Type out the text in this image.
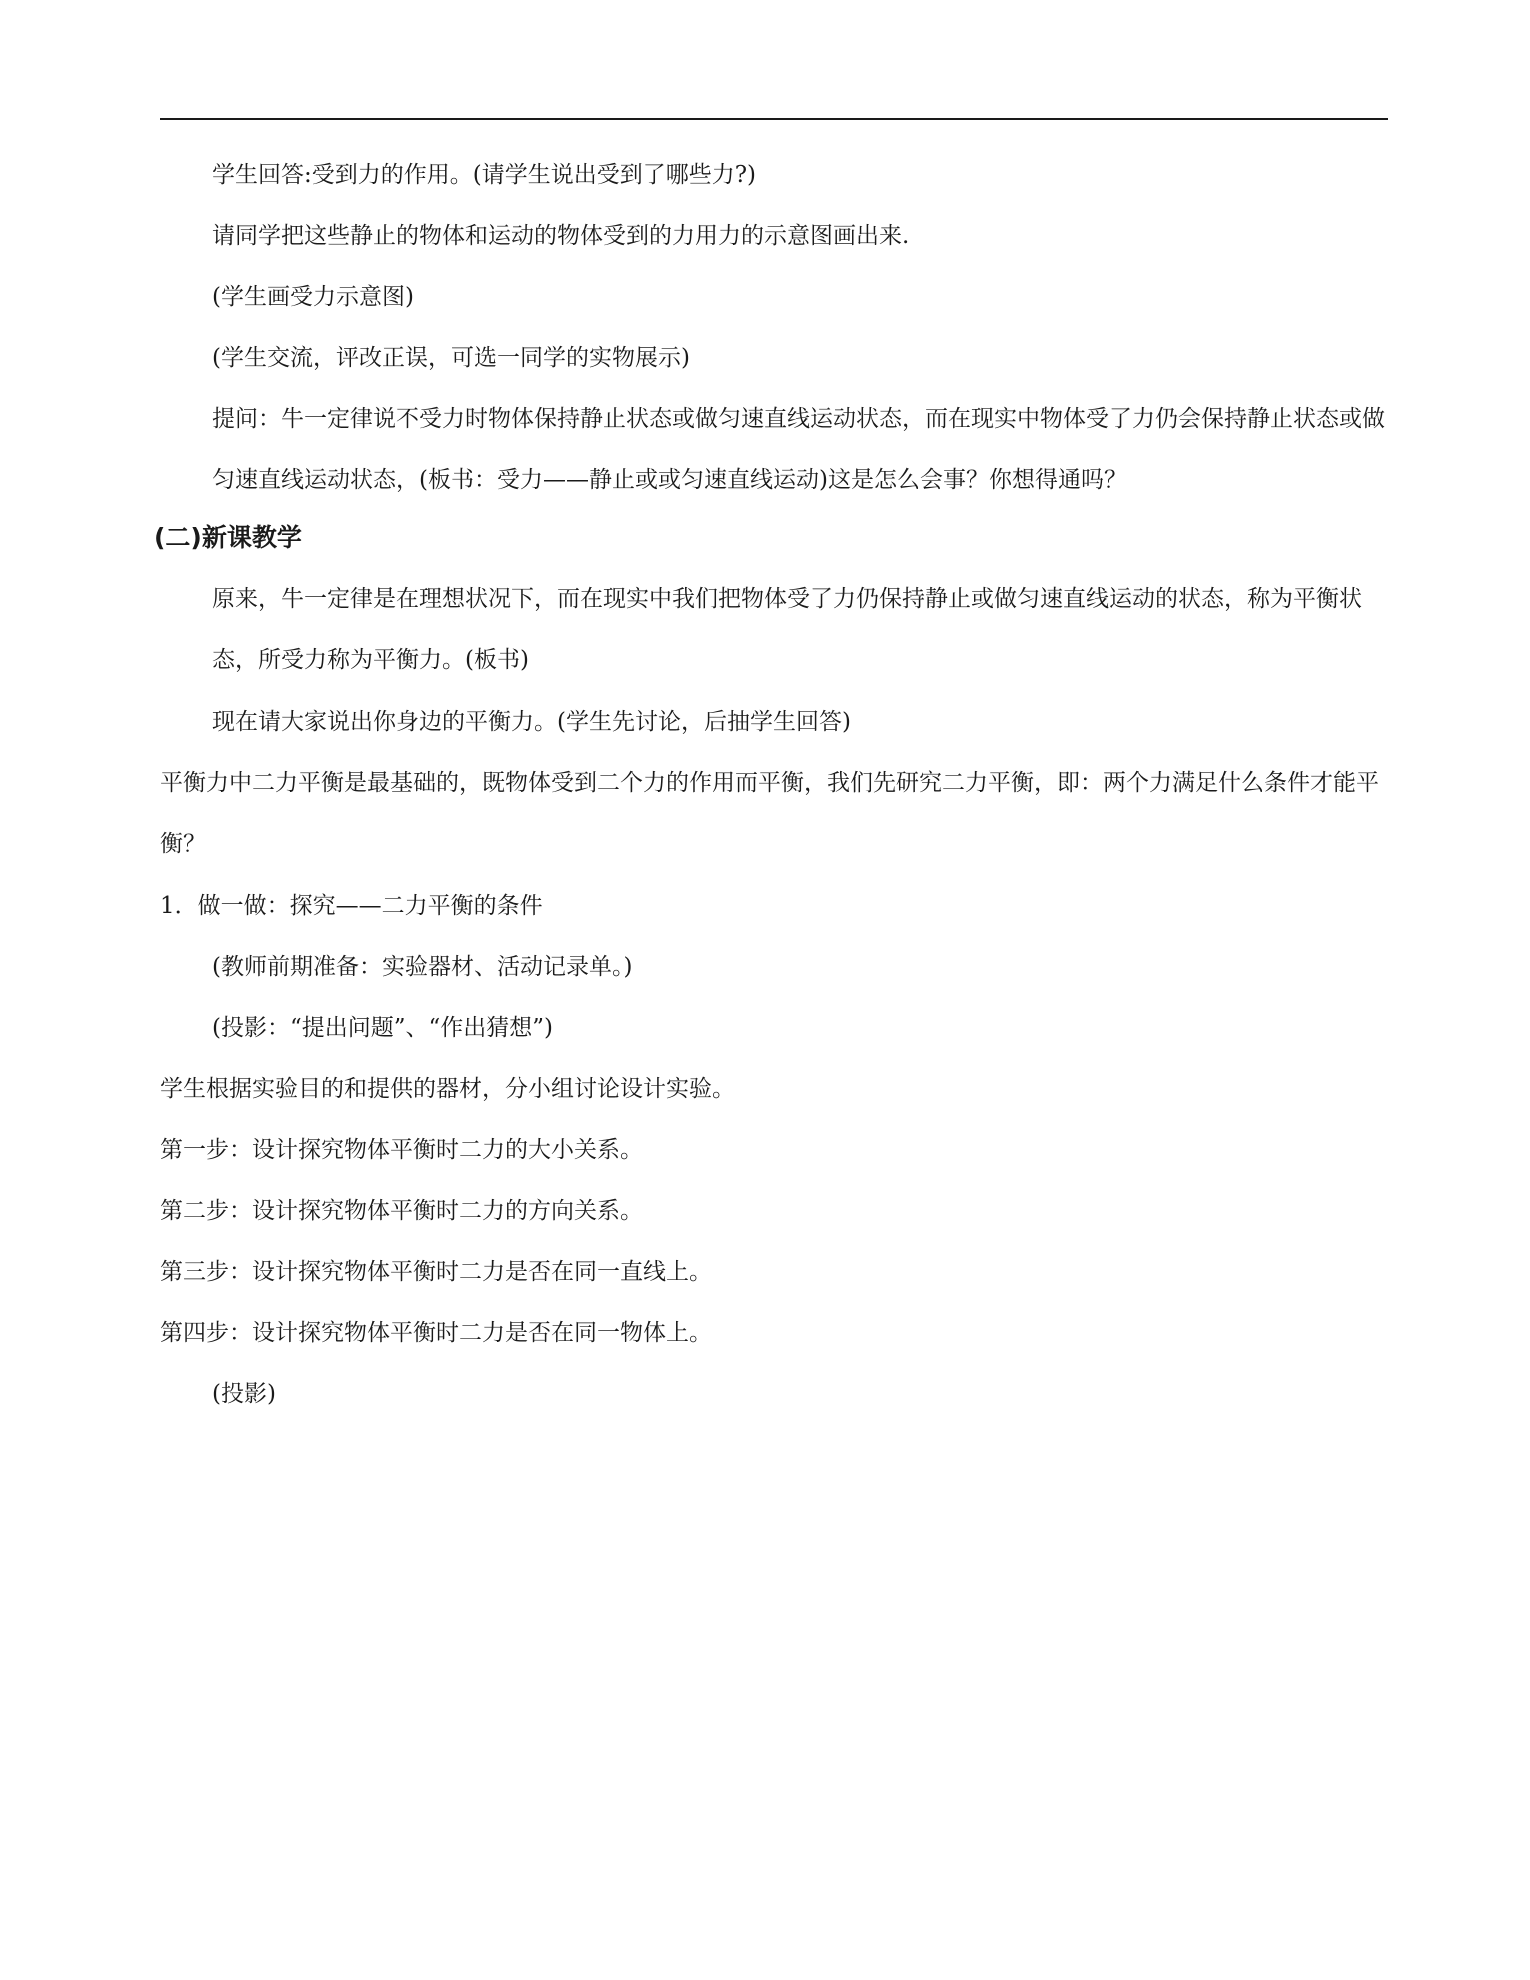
学生回答:受到力的作用。(请学生说出受到了哪些力?)

请同学把这些静止的物体和运动的物体受到的力用力的示意图画出来.

(学生画受力示意图)

(学生交流，评改正误，可选一同学的实物展示)

提问：牛一定律说不受力时物体保持静止状态或做匀速直线运动状态，而在现实中物体受了力仍会保持静止状态或做匀速直线运动状态，(板书：受力——静止或或匀速直线运动)这是怎么会事？你想得通吗？

(二)新课教学

原来，牛一定律是在理想状况下，而在现实中我们把物体受了力仍保持静止或做匀速直线运动的状态，称为平衡状态，所受力称为平衡力。(板书)

现在请大家说出你身边的平衡力。(学生先讨论，后抽学生回答)

平衡力中二力平衡是最基础的，既物体受到二个力的作用而平衡，我们先研究二力平衡，即：两个力满足什么条件才能平衡？

1．做一做：探究——二力平衡的条件

(教师前期准备：实验器材、活动记录单。)

(投影：“提出问题”、“作出猜想”)

学生根据实验目的和提供的器材，分小组讨论设计实验。

第一步：设计探究物体平衡时二力的大小关系。

第二步：设计探究物体平衡时二力的方向关系。

第三步：设计探究物体平衡时二力是否在同一直线上。

第四步：设计探究物体平衡时二力是否在同一物体上。

(投影)
